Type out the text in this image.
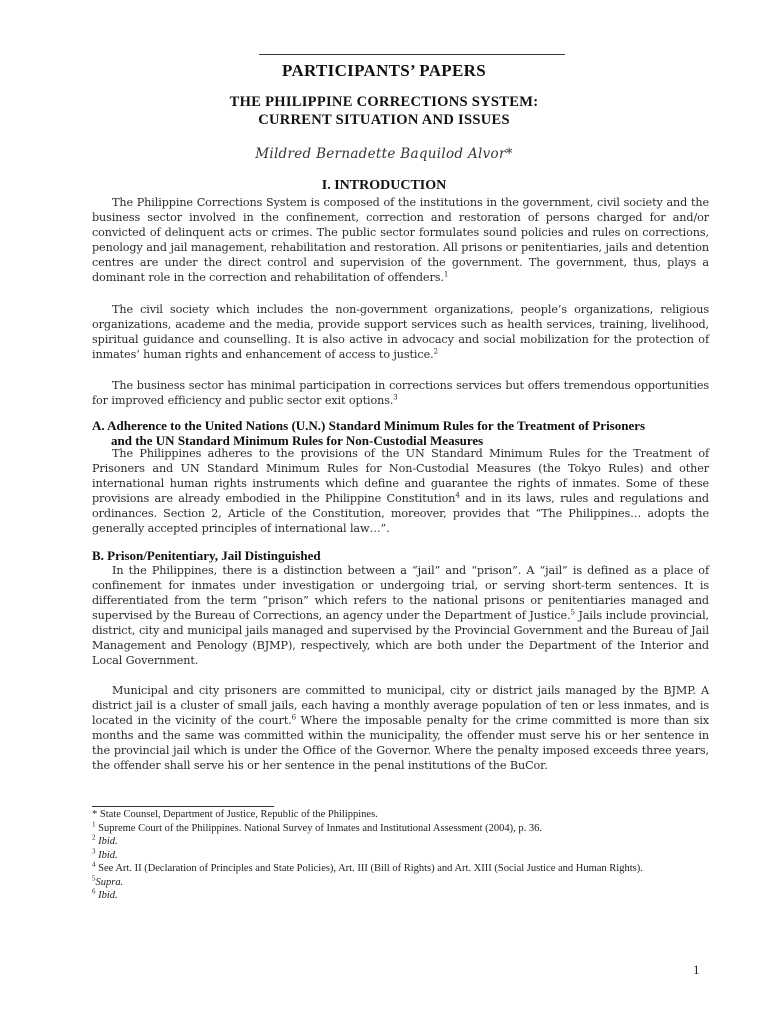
PARTICIPANTS’ PAPERS
THE PHILIPPINE CORRECTIONS SYSTEM:
CURRENT SITUATION AND ISSUES
Mildred Bernadette Baquilod Alvor*
I. INTRODUCTION
The Philippine Corrections System is composed of the institutions in the government, civil society and the business sector involved in the confinement, correction and restoration of persons charged for and/or convicted of delinquent acts or crimes. The public sector formulates sound policies and rules on corrections, penology and jail management, rehabilitation and restoration. All prisons or penitentiaries, jails and detention centres are under the direct control and supervision of the government. The government, thus, plays a dominant role in the correction and rehabilitation of offenders.$^1$
The civil society which includes the non-government organizations, people’s organizations, religious organizations, academe and the media, provide support services such as health services, training, livelihood, spiritual guidance and counselling. It is also active in advocacy and social mobilization for the protection of inmates’ human rights and enhancement of access to justice.$^2$
The business sector has minimal participation in corrections services but offers tremendous opportunities for improved efficiency and public sector exit options.$^3$
A. Adherence to the United Nations (U.N.) Standard Minimum Rules for the Treatment of Prisoners
and the UN Standard Minimum Rules for Non-Custodial Measures
The Philippines adheres to the provisions of the UN Standard Minimum Rules for the Treatment of Prisoners and UN Standard Minimum Rules for Non-Custodial Measures (the Tokyo Rules) and other international human rights instruments which define and guarantee the rights of inmates. Some of these provisions are already embodied in the Philippine Constitution$^4$ and in its laws, rules and regulations and ordinances. Section 2, Article of the Constitution, moreover, provides that “The Philippines… adopts the generally accepted principles of international law…”.
B. Prison/Penitentiary, Jail Distinguished
In the Philippines, there is a distinction between a “jail” and “prison”. A “jail” is defined as a place of confinement for inmates under investigation or undergoing trial, or serving short-term sentences. It is differentiated from the term “prison” which refers to the national prisons or penitentiaries managed and supervised by the Bureau of Corrections, an agency under the Department of Justice.$^5$ Jails include provincial, district, city and municipal jails managed and supervised by the Provincial Government and the Bureau of Jail Management and Penology (BJMP), respectively, which are both under the Department of the Interior and Local Government.
Municipal and city prisoners are committed to municipal, city or district jails managed by the BJMP. A district jail is a cluster of small jails, each having a monthly average population of ten or less inmates, and is located in the vicinity of the court.$^6$ Where the imposable penalty for the crime committed is more than six months and the same was committed within the municipality, the offender must serve his or her sentence in the provincial jail which is under the Office of the Governor. Where the penalty imposed exceeds three years, the offender shall serve his or her sentence in the penal institutions of the BuCor.
* State Counsel, Department of Justice, Republic of the Philippines.
$^1$ Supreme Court of the Philippines. National Survey of Inmates and Institutional Assessment (2004), p. 36.
$^2$ Ibid.
$^3$ Ibid.
$^4$ See Art. II (Declaration of Principles and State Policies), Art. III (Bill of Rights) and Art. XIII (Social Justice and Human Rights).
$^5$Supra.
$^6$ Ibid.
1
